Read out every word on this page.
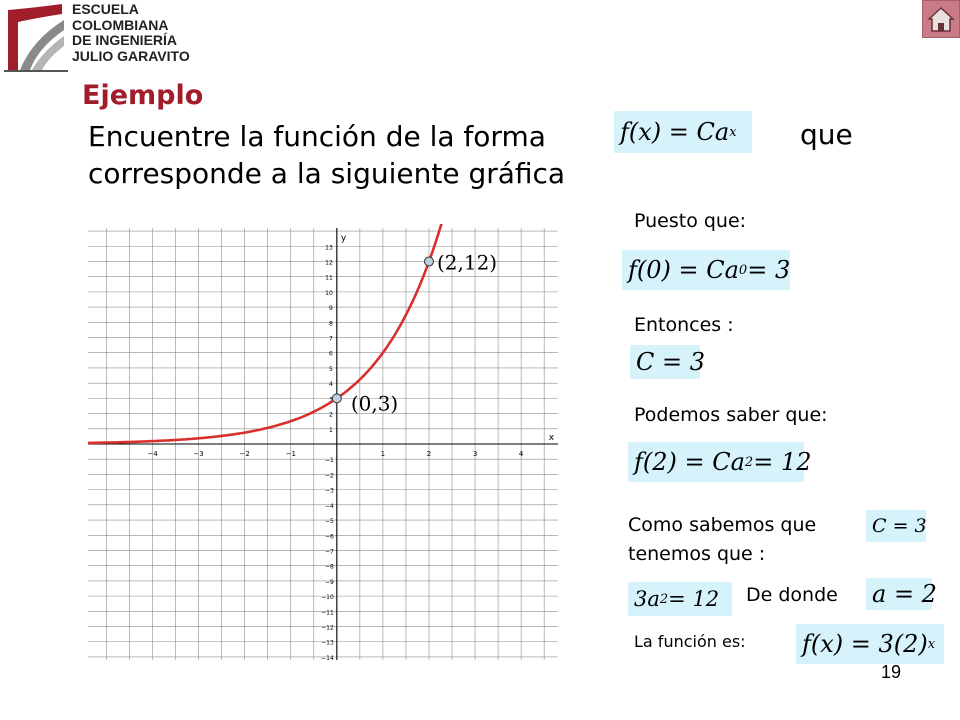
ESCUELA
COLOMBIANA
DE INGENIERÍA
JULIO GARAVITO
Ejemplo
Encuentre la función de la forma
corresponde a la siguiente gráfica
f(x) = Ca x que
x
y
−4	−3	−2	−1	1	2	3	4
1
2
3
4
5
6
7
8
9
10
11
12
13
−1
−2
−3
−4
−5
−6
−7
−8
−9
−10
−11
−12
−13
−14
(0,3)
(2,12)
Puesto que:
f(0) = Ca 0 = 3
Entonces :
C = 3
Podemos saber que:
f(2) = Ca 2 = 12
Como sabemos que
tenemos que :
C = 3
3a 2 = 12	De donde a = 2
La función es: f(x) = 3(2) x
19
